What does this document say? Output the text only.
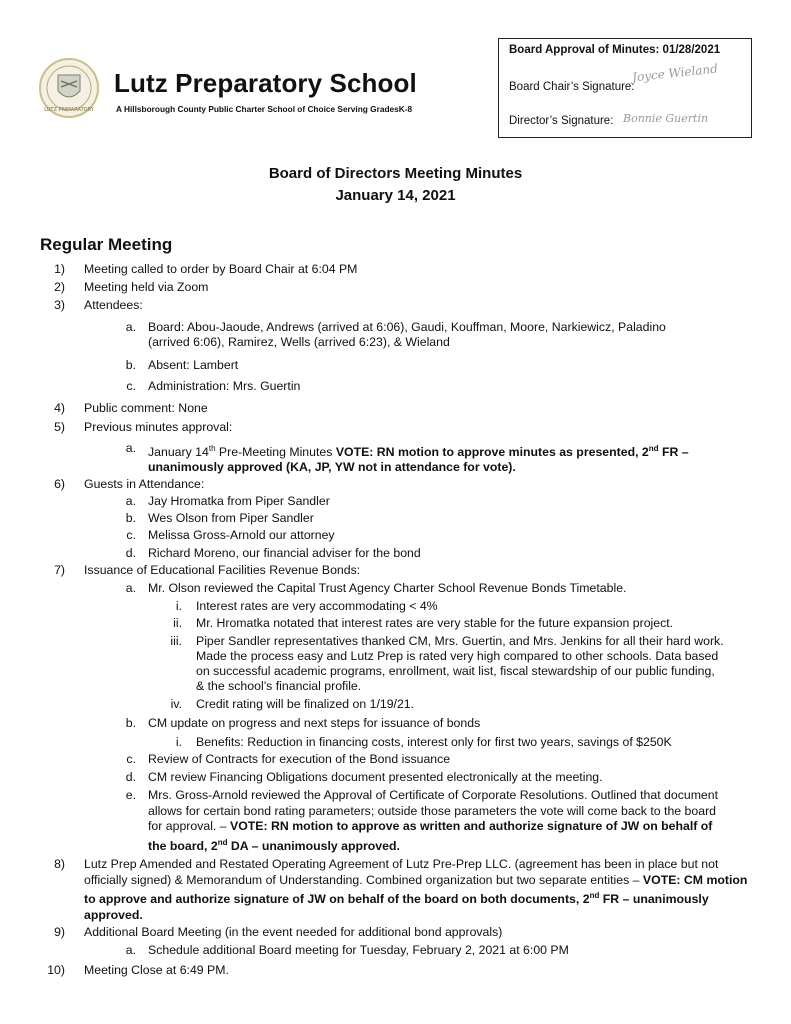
LUTZ PREPARATORY
Lutz Preparatory School
A Hillsborough County Public Charter School of Choice Serving GradesK-8
Board Approval of Minutes: 01/28/2021
Board Chair’s Signature:
Joyce Wieland
Director’s Signature: Bonnie Guertin
Board of Directors Meeting Minutes
January 14, 2021
Regular Meeting
1) Meeting called to order by Board Chair at 6:04 PM
2) Meeting held via Zoom
3) Attendees:
a. Board: Abou-Jaoude, Andrews (arrived at 6:06), Gaudi, Kouffman, Moore, Narkiewicz, Paladino (arrived 6:06), Ramirez, Wells (arrived 6:23), & Wieland
b. Absent: Lambert
c. Administration: Mrs. Guertin
4) Public comment: None
5) Previous minutes approval:
a. January 14th Pre-Meeting Minutes VOTE: RN motion to approve minutes as presented, 2nd FR – unanimously approved (KA, JP, YW not in attendance for vote).
6) Guests in Attendance:
a. Jay Hromatka from Piper Sandler
b. Wes Olson from Piper Sandler
c. Melissa Gross-Arnold our attorney
d. Richard Moreno, our financial adviser for the bond
7) Issuance of Educational Facilities Revenue Bonds:
a. Mr. Olson reviewed the Capital Trust Agency Charter School Revenue Bonds Timetable.
i. Interest rates are very accommodating < 4%
ii. Mr. Hromatka notated that interest rates are very stable for the future expansion project.
iii. Piper Sandler representatives thanked CM, Mrs. Guertin, and Mrs. Jenkins for all their hard work. Made the process easy and Lutz Prep is rated very high compared to other schools. Data based on successful academic programs, enrollment, wait list, fiscal stewardship of our public funding, & the school’s financial profile.
iv. Credit rating will be finalized on 1/19/21.
b. CM update on progress and next steps for issuance of bonds
i. Benefits: Reduction in financing costs, interest only for first two years, savings of $250K
c. Review of Contracts for execution of the Bond issuance
d. CM review Financing Obligations document presented electronically at the meeting.
e. Mrs. Gross-Arnold reviewed the Approval of Certificate of Corporate Resolutions. Outlined that document allows for certain bond rating parameters; outside those parameters the vote will come back to the board for approval. – VOTE: RN motion to approve as written and authorize signature of JW on behalf of the board, 2nd DA – unanimously approved.
8) Lutz Prep Amended and Restated Operating Agreement of Lutz Pre-Prep LLC. (agreement has been in place but not officially signed) & Memorandum of Understanding. Combined organization but two separate entities – VOTE: CM motion to approve and authorize signature of JW on behalf of the board on both documents, 2nd FR – unanimously approved.
9) Additional Board Meeting (in the event needed for additional bond approvals)
a. Schedule additional Board meeting for Tuesday, February 2, 2021 at 6:00 PM
10) Meeting Close at 6:49 PM.
